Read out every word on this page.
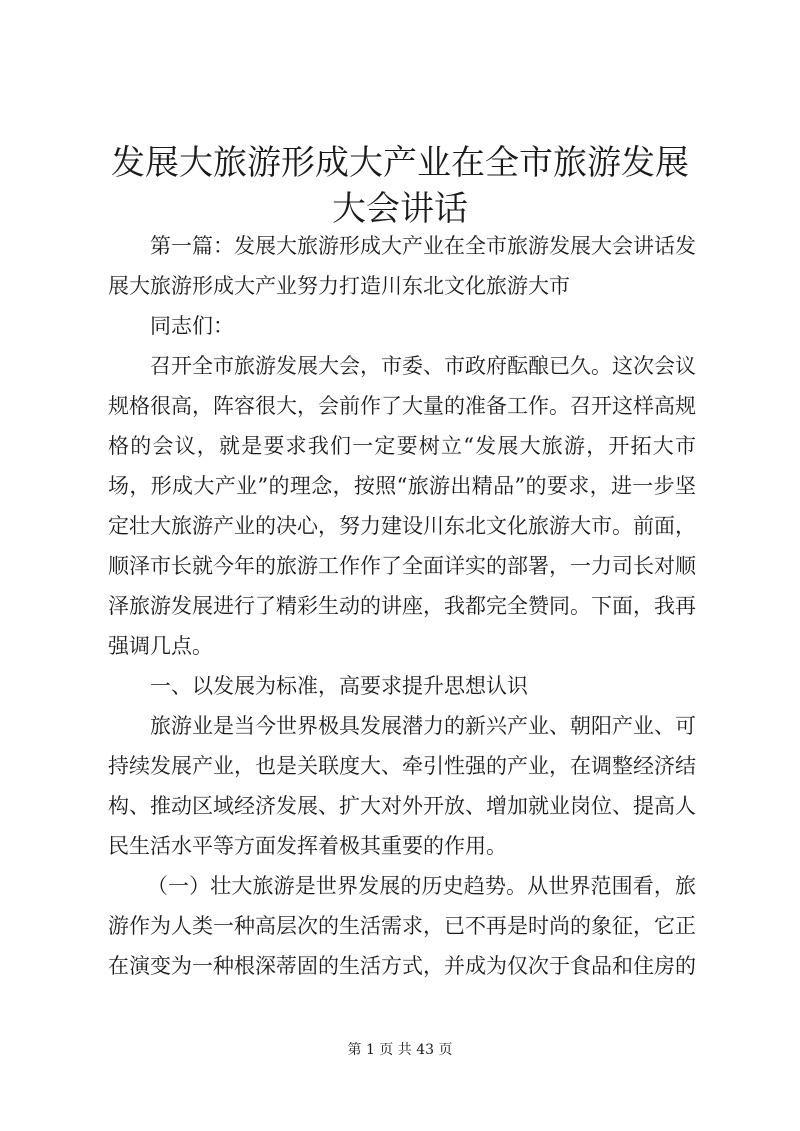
发展大旅游形成大产业在全市旅游发展大会讲话

第一篇：发展大旅游形成大产业在全市旅游发展大会讲话发展大旅游形成大产业努力打造川东北文化旅游大市

同志们：

召开全市旅游发展大会，市委、市政府酝酿已久。这次会议规格很高，阵容很大，会前作了大量的准备工作。召开这样高规格的会议，就是要求我们一定要树立“发展大旅游，开拓大市场，形成大产业”的理念，按照“旅游出精品”的要求，进一步坚定壮大旅游产业的决心，努力建设川东北文化旅游大市。前面，顺泽市长就今年的旅游工作作了全面详实的部署，一力司长对顺泽旅游发展进行了精彩生动的讲座，我都完全赞同。下面，我再强调几点。

一、以发展为标准，高要求提升思想认识

旅游业是当今世界极具发展潜力的新兴产业、朝阳产业、可持续发展产业，也是关联度大、牵引性强的产业，在调整经济结构、推动区域经济发展、扩大对外开放、增加就业岗位、提高人民生活水平等方面发挥着极其重要的作用。

（一）壮大旅游是世界发展的历史趋势。从世界范围看，旅游作为人类一种高层次的生活需求，已不再是时尚的象征，它正在演变为一种根深蒂固的生活方式，并成为仅次于食品和住房的

第 1 页 共 43 页
